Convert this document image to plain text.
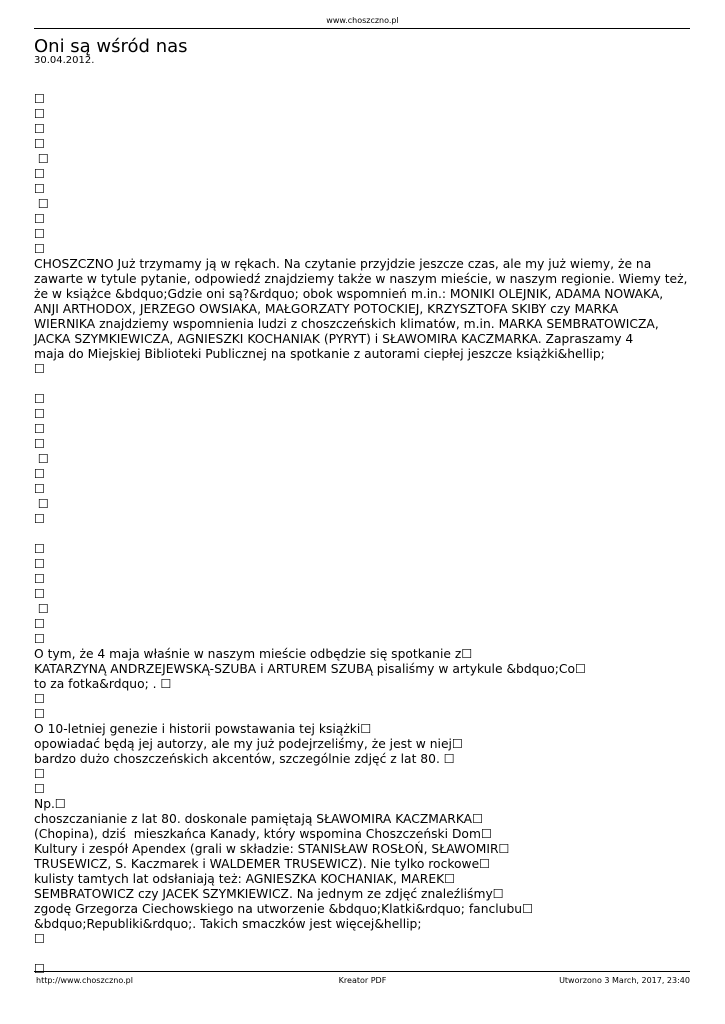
www.choszczno.pl
Oni są wśród nas
30.04.2012.
☐
☐
☐
☐
☐
☐
☐
☐
☐
☐
☐
CHOSZCZNO Już trzymamy ją w rękach. Na czytanie przyjdzie jeszcze czas, ale my już wiemy, że na
zawarte w tytule pytanie, odpowiedź znajdziemy także w naszym mieście, w naszym regionie. Wiemy też,
że w książce &bdquo;Gdzie oni są?&rdquo; obok wspomnień m.in.: MONIKI OLEJNIK, ADAMA NOWAKA,
ANJI ARTHODOX, JERZEGO OWSIAKA, MAŁGORZATY POTOCKIEJ, KRZYSZTOFA SKIBY czy MARKA
WIERNIKA znajdziemy wspomnienia ludzi z choszczeńskich klimatów, m.in. MARKA SEMBRATOWICZA,
JACKA SZYMKIEWICZA, AGNIESZKI KOCHANIAK (PYRYT) i SŁAWOMIRA KACZMARKA. Zapraszamy 4
maja do Miejskiej Biblioteki Publicznej na spotkanie z autorami ciepłej jeszcze książki&hellip;
☐
☐
☐
☐
☐
☐
☐
☐
☐
☐
☐
☐
☐
☐
☐
☐
☐
O tym, że 4 maja właśnie w naszym mieście odbędzie się spotkanie z☐
KATARZYNĄ ANDRZEJEWSKĄ-SZUBA i ARTUREM SZUBĄ pisaliśmy w artykule &bdquo;Co☐
to za fotka&rdquo; . ☐
☐
☐
O 10-letniej genezie i historii powstawania tej książki☐
opowiadać będą jej autorzy, ale my już podejrzeliśmy, że jest w niej☐
bardzo dużo choszczeńskich akcentów, szczególnie zdjęć z lat 80. ☐
☐
☐
Np.☐
choszczanianie z lat 80. doskonale pamiętają SŁAWOMIRA KACZMARKA☐
(Chopina), dziś  mieszkańca Kanady, który wspomina Choszczeński Dom☐
Kultury i zespół Apendex (grali w składzie: STANISŁAW ROSŁOŃ, SŁAWOMIR☐
TRUSEWICZ, S. Kaczmarek i WALDEMER TRUSEWICZ). Nie tylko rockowe☐
kulisty tamtych lat odsłaniają też: AGNIESZKA KOCHANIAK, MAREK☐
SEMBRATOWICZ czy JACEK SZYMKIEWICZ. Na jednym ze zdjęć znaleźliśmy☐
zgodę Grzegorza Ciechowskiego na utworzenie &bdquo;Klatki&rdquo; fanclubu☐
&bdquo;Republiki&rdquo;. Takich smaczków jest więcej&hellip;
☐
☐
http://www.choszczno.pl	Kreator PDF	Utworzono 3 March, 2017, 23:40
